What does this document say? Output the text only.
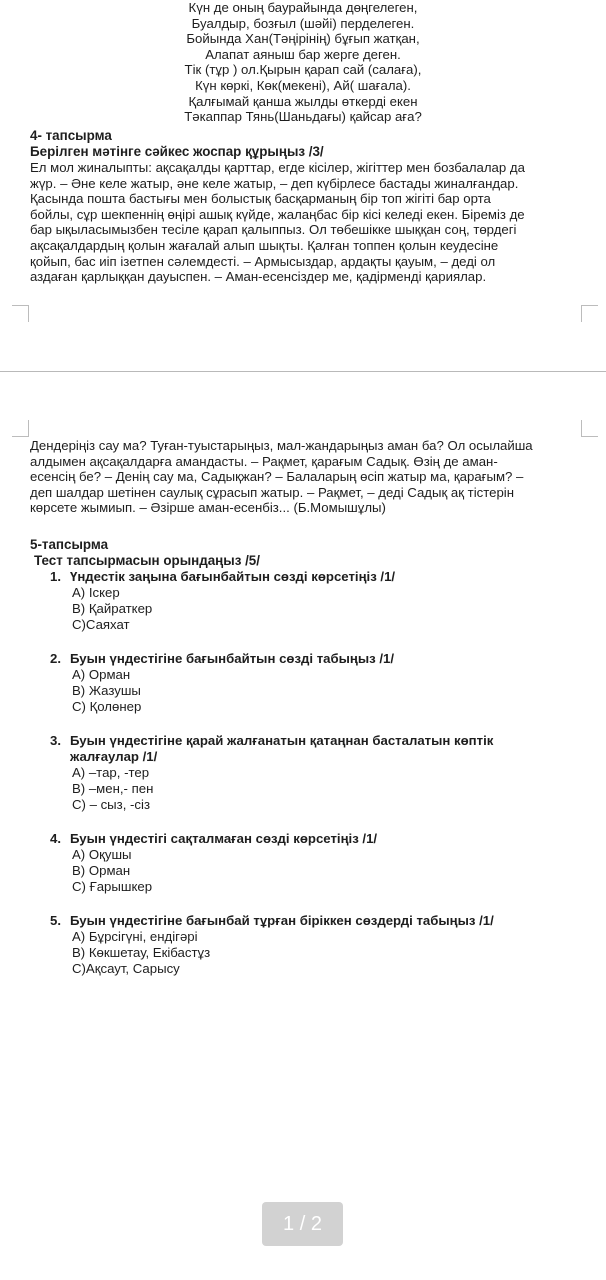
Күн де оның баурайында дөңгелеген,
Буалдыр, бозғыл (шәйі) перделеген.
Бойында Хан(Тәңірінің) бұғып жатқан,
Алапат аяныш бар жерге деген.
Тік (тұр ) ол.Қырын қарап сай (салаға),
Күн көркі, Көк(мекені), Ай( шағала).
Қалғымай қанша жылды өткерді екен
Тәкаппар Тянь(Шаньдағы) қайсар аға?
4- тапсырма
Берілген мәтінге сәйкес жоспар құрыңыз /3/
Ел мол жиналыпты: ақсақалды қарттар, егде кісілер, жігіттер мен бозбалалар да
жүр. – Әне келе жатыр, әне келе жатыр, – деп күбірлесе бастады жиналғандар.
Қасында пошта бастығы мен болыстық басқарманың бір топ жігіті бар орта
бойлы, сұр шекпеннің өңірі ашық күйде, жалаңбас бір кісі келеді екен. Біреміз де
бар ықыласымызбен тесіле қарап қалыппыз. Ол төбешікке шыққан соң, төрдегі
ақсақалдардың қолын жағалай алып шықты. Қалған топпен қолын кеудесіне
қойып, бас иіп ізетпен сәлемдесті. – Армысыздар, ардақты қауым, – деді ол
аздаған қарлыққан дауыспен. – Аман-есенсіздер ме, қадірменді қариялар.
Дендеріңіз сау ма? Туған-туыстарыңыз, мал-жандарыңыз аман ба? Ол осылайша
алдымен ақсақалдарға амандасты. – Рақмет, қарағым Садық. Өзің де аман-
есенсің бе? – Денің сау ма, Садықжан? – Балаларың өсіп жатыр ма, қарағым? –
деп шалдар шетінен саулық сұрасып жатыр. – Рақмет, – деді Садық ақ тістерін
көрсете жымиып. – Әзірше аман-есенбіз... (Б.Момышұлы)
5-тапсырма
Тест тапсырмасын орындаңыз /5/
1. Үндестік заңына бағынбайтын сөзді көрсетіңіз /1/
А) Іскер
В) Қайраткер
С)Саяхат
2. Буын үндестігіне бағынбайтын сөзді табыңыз /1/
А) Орман
В) Жазушы
С) Қолөнер
3. Буын үндестігіне қарай жалғанатын қатаңнан басталатын көптік
жалғаулар /1/
А) –тар, -тер
В) –мен,- пен
С) – сыз, -сіз
4. Буын үндестігі сақталмаған сөзді көрсетіңіз /1/
А) Оқушы
В) Орман
С) Ғарышкер
5. Буын үндестігіне бағынбай тұрған біріккен сөздерді табыңыз /1/
А) Бұрсігүні, ендігәрі
В) Көкшетау, Екібастұз
С)Ақсаут, Сарысу
1 / 2
